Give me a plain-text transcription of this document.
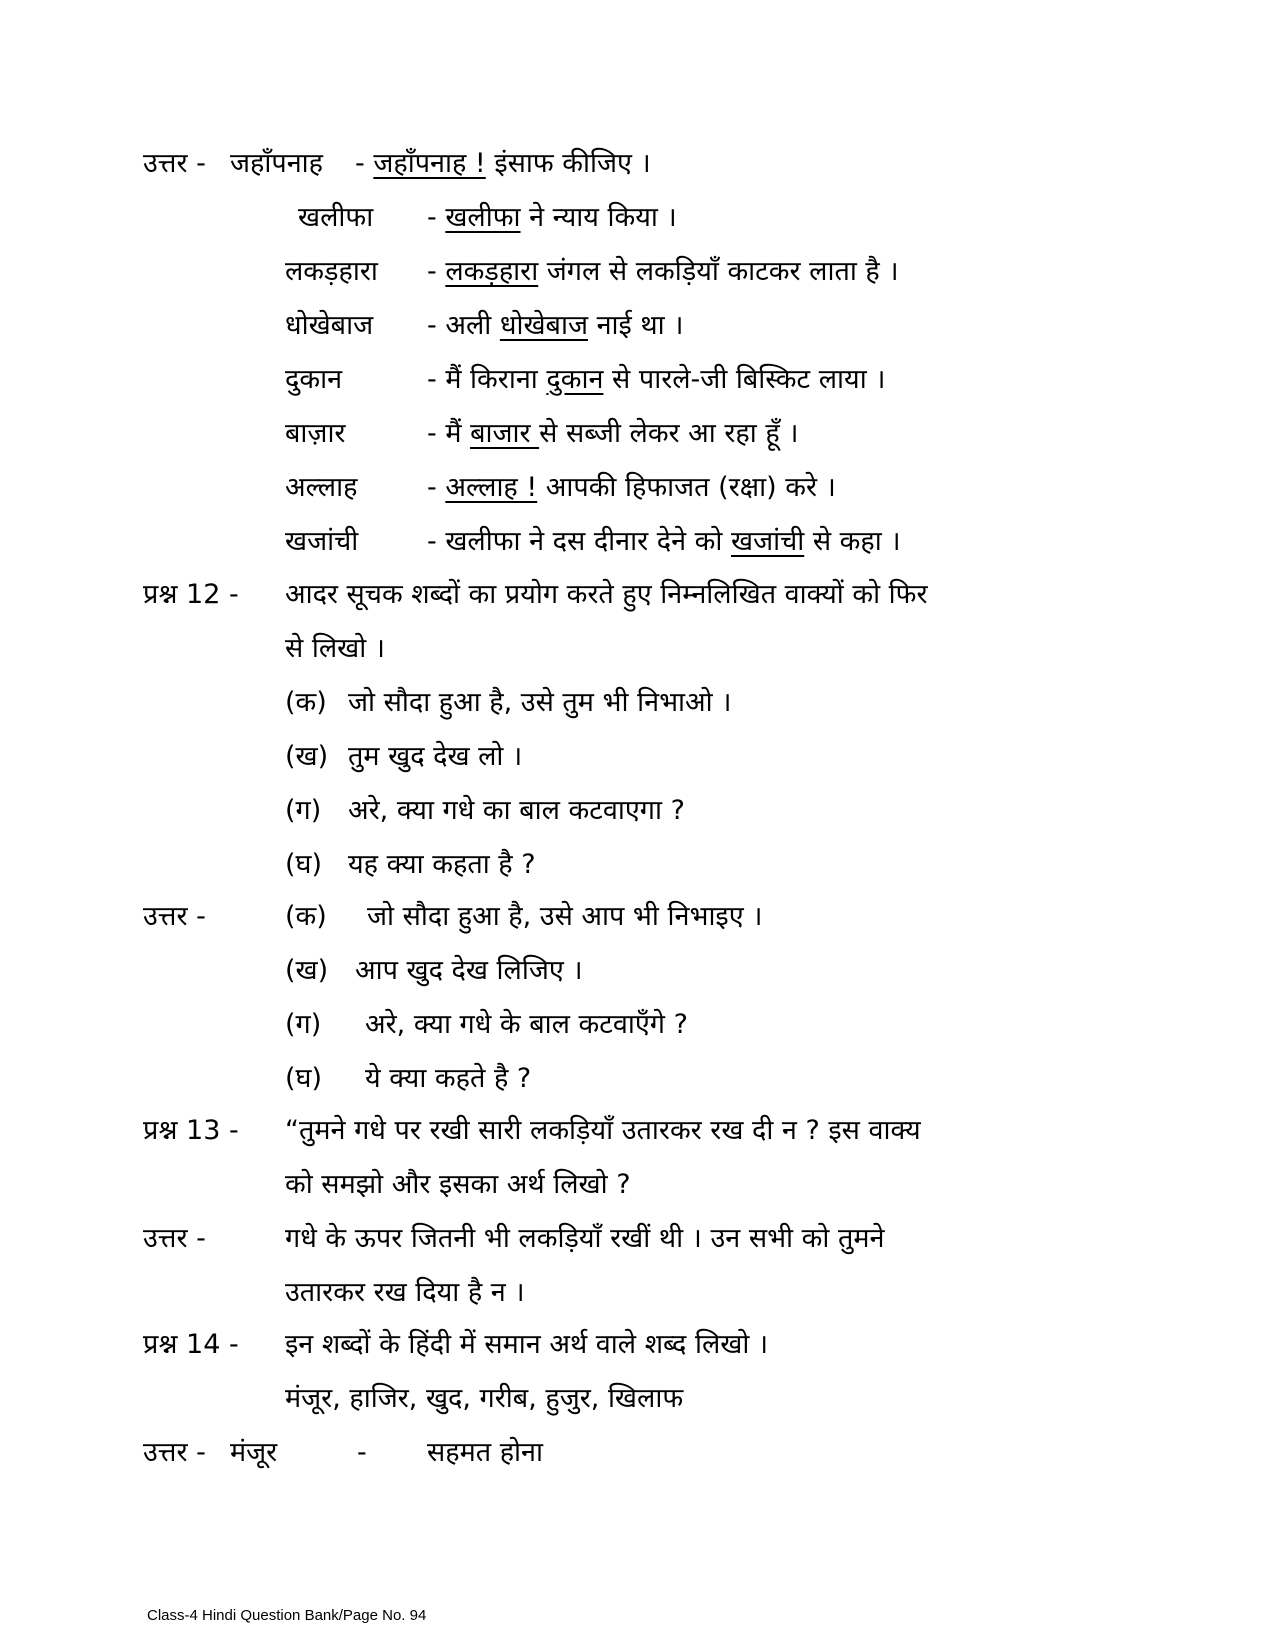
उत्तर - जहाँपनाह - जहाँपनाह ! इंसाफ कीजिए ।
खलीफा - खलीफा ने न्याय किया ।
लकड़हारा - लकड़हारा जंगल से लकड़ियाँ काटकर लाता है ।
धोखेबाज - अली धोखेबाज नाई था ।
दुकान	- मैं किराना दुकान से पारले-जी बिस्किट लाया ।
बाज़ार	- मैं बाजार से सब्जी लेकर आ रहा हूँ ।
अल्लाह	- अल्लाह ! आपकी हिफाजत (रक्षा) करे ।
खजांची	- खलीफा ने दस दीनार देने को खजांची से कहा ।
प्रश्न 12 - आदर सूचक शब्दों का प्रयोग करते हुए निम्नलिखित वाक्यों को फिर
से लिखो ।
(क) जो सौदा हुआ है, उसे तुम भी निभाओ ।
(ख) तुम खुद देख लो ।
(ग) अरे, क्या गधे का बाल कटवाएगा ?
(घ) यह क्या कहता है ?
उत्तर -	(क) जो सौदा हुआ है, उसे आप भी निभाइए ।
(ख) आप खुद देख लिजिए ।
(ग) अरे, क्या गधे के बाल कटवाएँगे ?
(घ) ये क्या कहते है ?
प्रश्न 13 - “तुमने गधे पर रखी सारी लकड़ियाँ उतारकर रख दी न ? इस वाक्य
को समझो और इसका अर्थ लिखो ?
उत्तर -	गधे के ऊपर जितनी भी लकड़ियाँ रखीं थी । उन सभी को तुमने
उतारकर रख दिया है न ।
प्रश्न 14 - इन शब्दों के हिंदी में समान अर्थ वाले शब्द लिखो ।
मंजूर, हाजिर, खुद, गरीब, हुजुर, खिलाफ
उत्तर - मंजूर	- सहमत होना
Class-4 Hindi Question Bank/Page No. 94
